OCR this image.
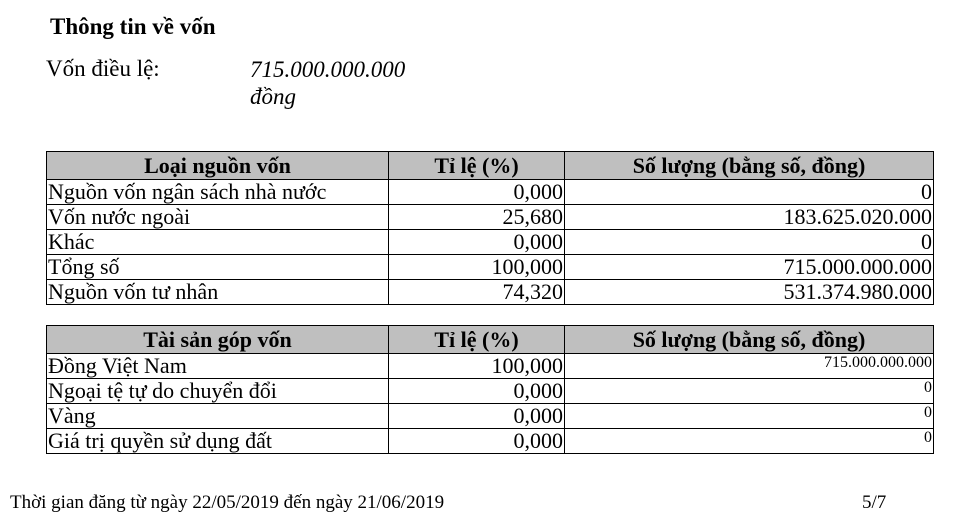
Thông tin về vốn
Vốn điều lệ:	715.000.000.000 đồng
Loại nguồn vốn	Tỉ lệ (%)	Số lượng (bằng số, đồng)
Nguồn vốn ngân sách nhà nước	0,000	0
Vốn nước ngoài	25,680	183.625.020.000
Khác	0,000	0
Tổng số	100,000	715.000.000.000
Nguồn vốn tư nhân	74,320	531.374.980.000
Tài sản góp vốn	Tỉ lệ (%)	Số lượng (bằng số, đồng)
Đồng Việt Nam	100,000	715.000.000.000
Ngoại tệ tự do chuyển đổi	0,000	0
Vàng	0,000	0
Giá trị quyền sử dụng đất	0,000	0
Thời gian đăng từ ngày 22/05/2019 đến ngày 21/06/2019	5/7
